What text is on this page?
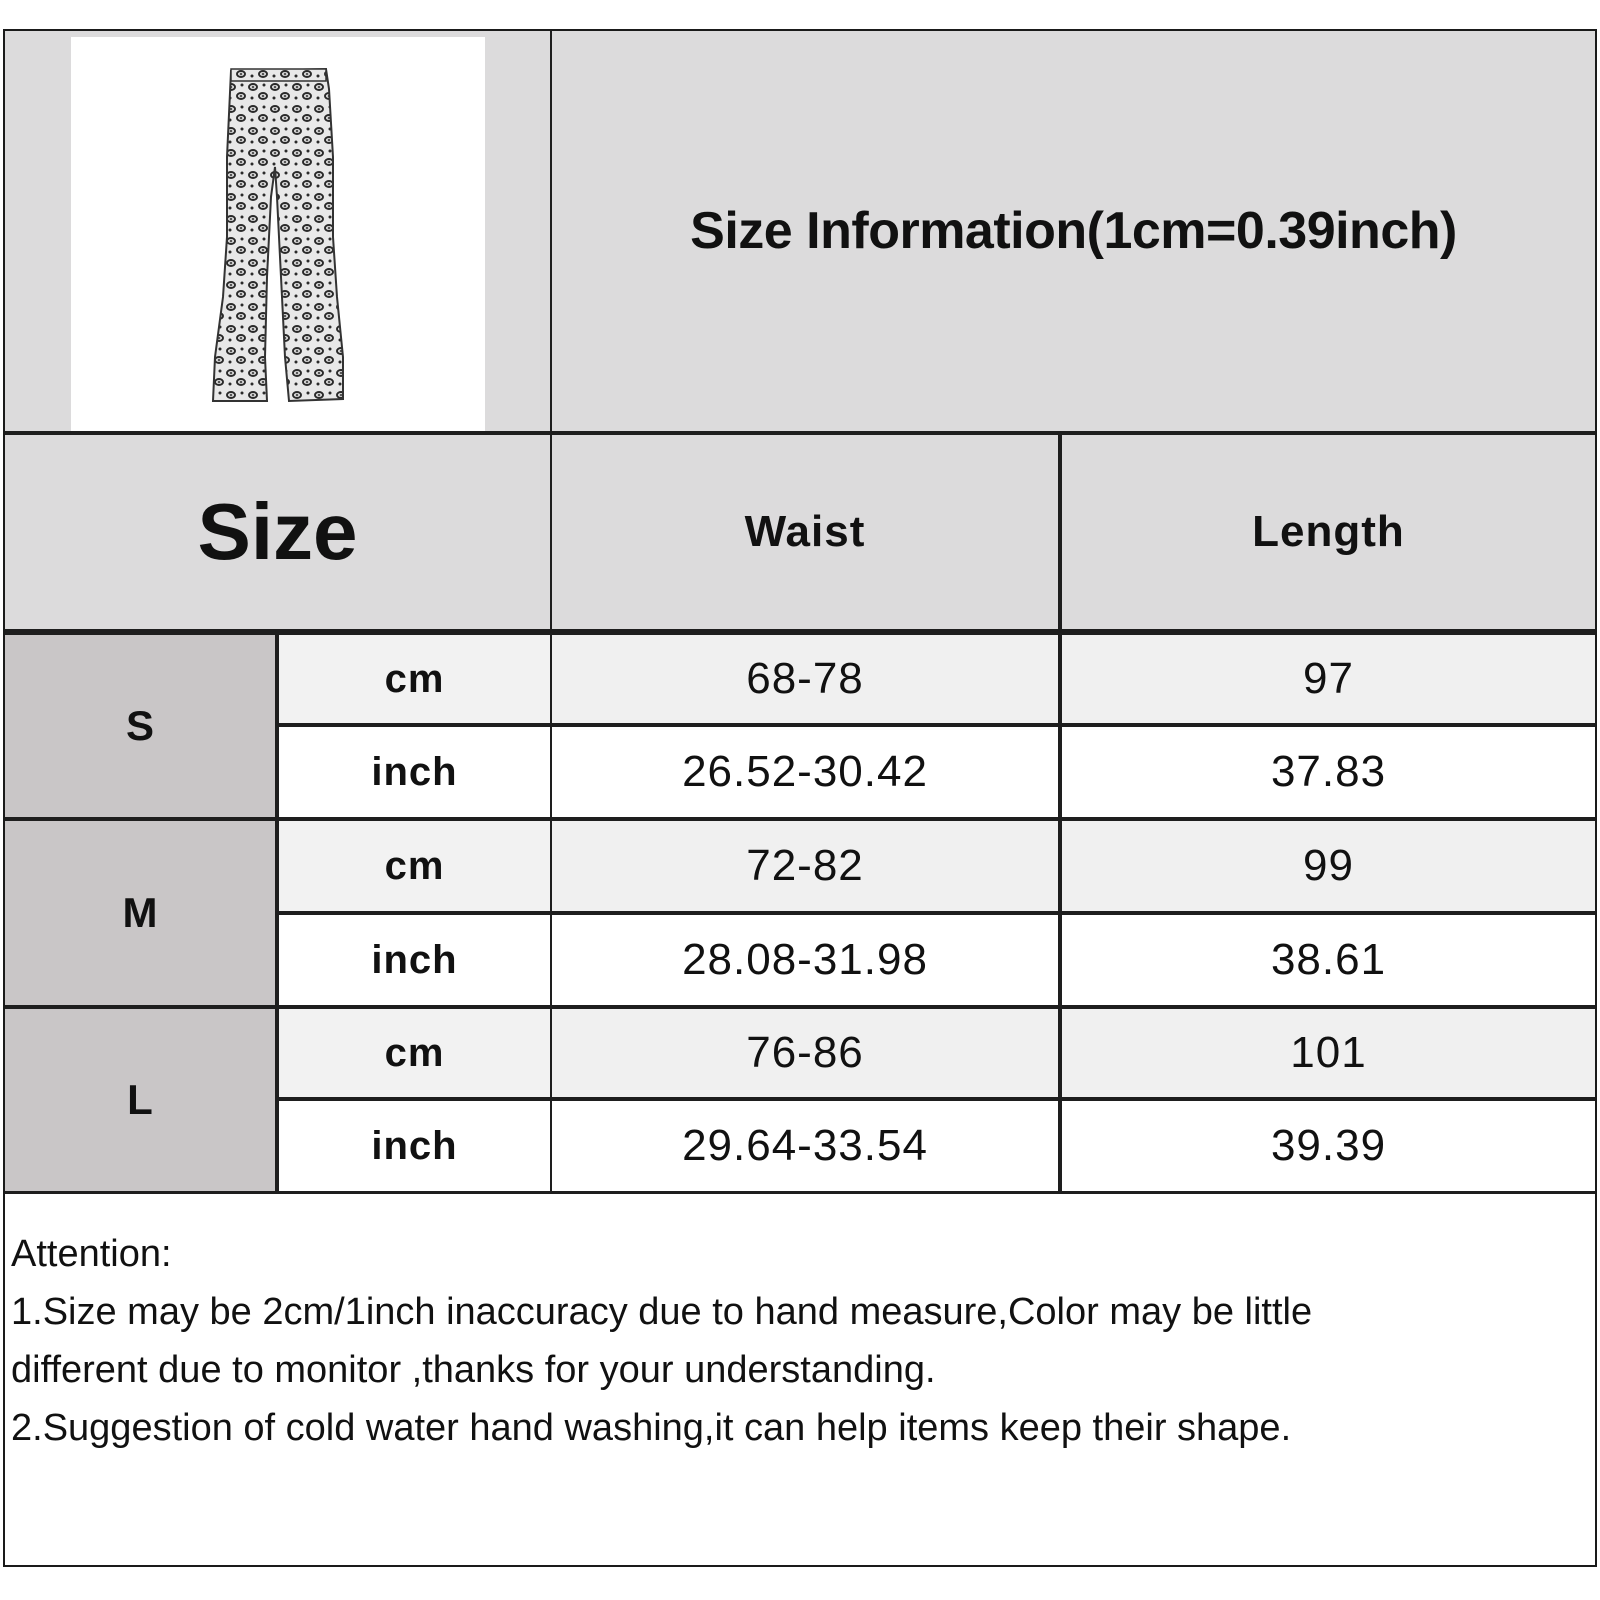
Size Information(1cm=0.39inch)
Size	Waist	Length
S
cm	68-78	97
inch	26.52-30.42	37.83
M
cm	72-82	99
inch	28.08-31.98	38.61
L
cm	76-86	101
inch	29.64-33.54	39.39
Attention:
1.Size may be 2cm/1inch inaccuracy due to hand measure,Color may be little
different due to monitor ,thanks for your understanding.
2.Suggestion of cold water hand washing,it can help items keep their shape.
